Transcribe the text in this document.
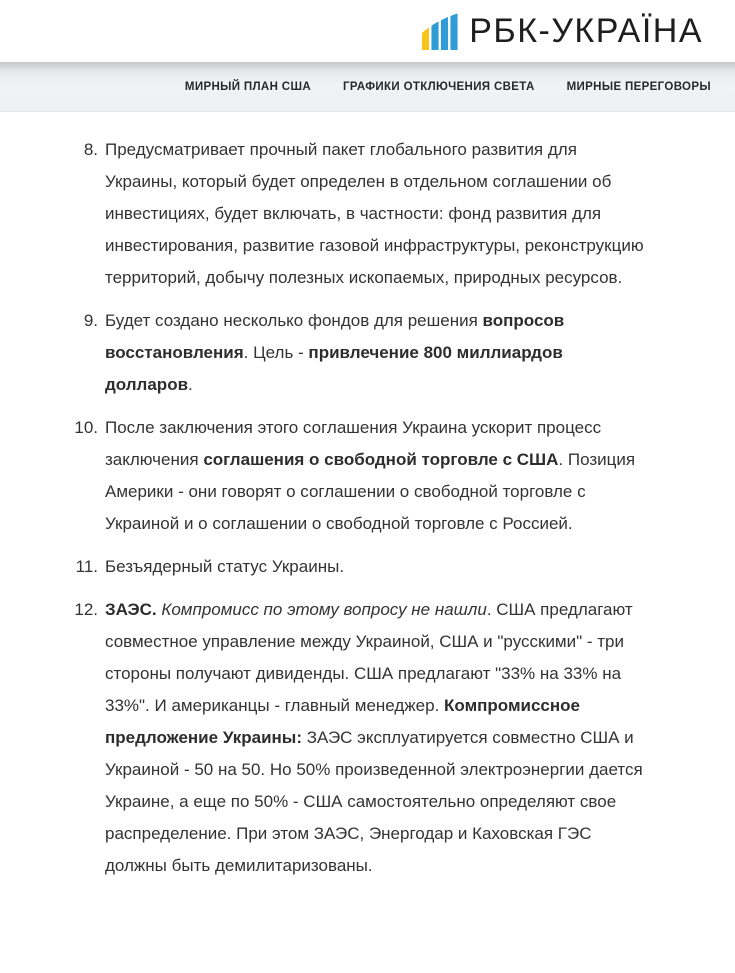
РБК-УКРАЇНА
МИРНЫЙ ПЛАН США	ГРАФИКИ ОТКЛЮЧЕНИЯ СВЕТА	МИРНЫЕ ПЕРЕГОВОРЫ
8. Предусматривает прочный пакет глобального развития для Украины, который будет определен в отдельном соглашении об инвестициях, будет включать, в частности: фонд развития для инвестирования, развитие газовой инфраструктуры, реконструкцию территорий, добычу полезных ископаемых, природных ресурсов.
9. Будет создано несколько фондов для решения вопросов восстановления. Цель - привлечение 800 миллиардов долларов.
10. После заключения этого соглашения Украина ускорит процесс заключения соглашения о свободной торговле с США. Позиция Америки - они говорят о соглашении о свободной торговле с Украиной и о соглашении о свободной торговле с Россией.
11. Безъядерный статус Украины.
12. ЗАЭС. Компромисс по этому вопросу не нашли. США предлагают совместное управление между Украиной, США и "русскими" - три стороны получают дивиденды. США предлагают "33% на 33% на 33%". И американцы - главный менеджер. Компромиссное предложение Украины: ЗАЭС эксплуатируется совместно США и Украиной - 50 на 50. Но 50% произведенной электроэнергии дается Украине, а еще по 50% - США самостоятельно определяют свое распределение. При этом ЗАЭС, Энергодар и Каховская ГЭС должны быть демилитаризованы.
